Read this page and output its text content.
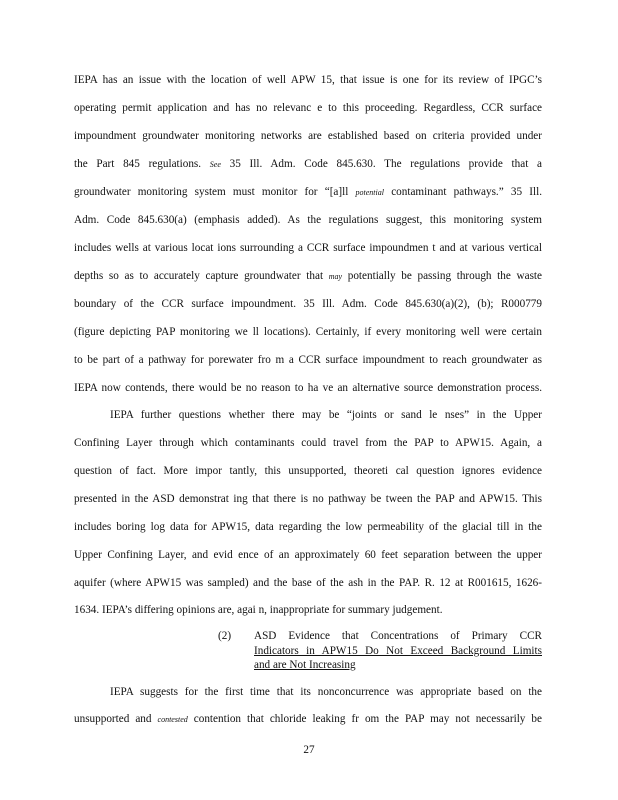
IEPA has an issue with the location of well APW 15, that issue is one for its review of IPGC’s
operating permit application and has no relevanc e to this proceeding. Regardless, CCR surface
impoundment groundwater monitoring networks are established based on criteria provided under
the Part 845 regulations. See 35 Ill. Adm. Code 845.630. The regulations provide that a
groundwater monitoring system must monitor for “[a]ll potential contaminant pathways.” 35 Ill.
Adm. Code 845.630(a) (emphasis added). As the regulations suggest, this monitoring system
includes wells at various locat ions surrounding a CCR surface impoundmen t and at various vertical
depths so as to accurately capture groundwater that may potentially be passing through the waste
boundary of the CCR surface impoundment. 35 Ill. Adm. Code 845.630(a)(2), (b); R000779
(figure depicting PAP monitoring we ll locations). Certainly, if every monitoring well were certain
to be part of a pathway for porewater fro m a CCR surface impoundment to reach groundwater as
IEPA now contends, there would be no reason to ha ve an alternative source demonstration process.
IEPA further questions whether there may be “joints or sand le nses” in the Upper
Confining Layer through which contaminants could travel from the PAP to APW15. Again, a
question of fact. More impor tantly, this unsupported, theoreti cal question ignores evidence
presented in the ASD demonstrat ing that there is no pathway be tween the PAP and APW15. This
includes boring log data for APW15, data regarding the low permeability of the glacial till in the
Upper Confining Layer, and evid ence of an approximately 60 feet separation between the upper
aquifer (where APW15 was sampled) and the base of the ash in the PAP. R. 12 at R001615, 1626-
1634. IEPA’s differing opinions are, agai n, inappropriate for summary judgement.
(2) ASD Evidence that Concentrations of Primary CCR
Indicators in APW15 Do Not Exceed Background Limits
and are Not Increasing
IEPA suggests for the first time that its nonconcurrence was appropriate based on the
unsupported and contested contention that chloride leaking fr om the PAP may not necessarily be
27
